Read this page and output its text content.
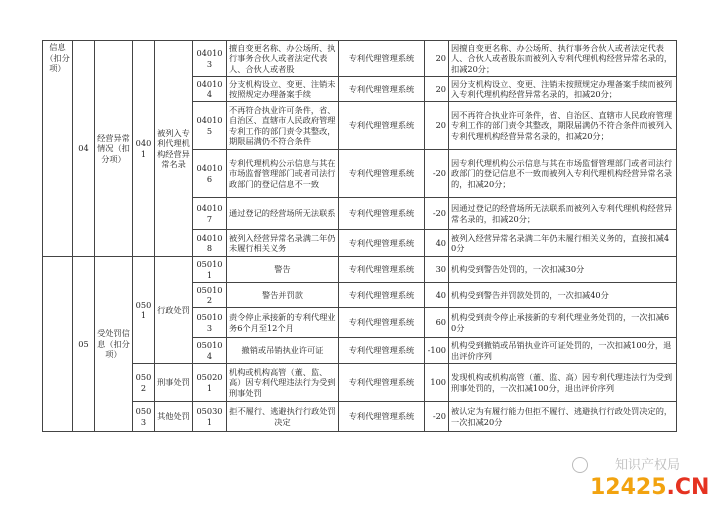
信息（扣分项）	04	经营异常情况（扣分项）	0401	被列入专利代理机构经营异常名录	040103	擅自变更名称、办公场所、执行事务合伙人或者法定代表人、合伙人或者股	专利代理管理系统	20	因擅自变更名称、办公场所、执行事务合伙人或者法定代表人、合伙人或者股东而被列入专利代理机构经营异常名录的，扣减20分；
					040104	分支机构设立、变更、注销未按照规定办理备案手续	专利代理管理系统	20	因分支机构设立、变更、注销未按照规定办理备案手续而被列入专利代理机构经营异常名录的，扣减20分；
					040105	不再符合执业许可条件，省、自治区、直辖市人民政府管理专利工作的部门责令其整改，期限届满仍不符合条件	专利代理管理系统	20	因不再符合执业许可条件，省、自治区、直辖市人民政府管理专利工作的部门责令其整改，期限届满仍不符合条件而被列入专利代理机构经营异常名录的，扣减20分；
					040106	专利代理机构公示信息与其在市场监督管理部门或者司法行政部门的登记信息不一致	专利代理管理系统	-20	因专利代理机构公示信息与其在市场监督管理部门或者司法行政部门的登记信息不一致而被列入专利代理机构经营异常名录的，扣减20分；
					040107	通过登记的经营场所无法联系	专利代理管理系统	-20	因通过登记的经营场所无法联系而被列入专利代理机构经营异常名录的，扣减20分；
					040108	被列入经营异常名录满二年仍未履行相关义务	专利代理管理系统	40	被列入经营异常名录满二年仍未履行相关义务的，直接扣减40分
	05	受处罚信息（扣分项）	0501	行政处罚	050101	警告	专利代理管理系统	30	机构受到警告处罚的，一次扣减30分
					050102	警告并罚款	专利代理管理系统	40	机构受到警告并罚款处罚的，一次扣减40分
					050103	责令停止承接新的专利代理业务6个月至12个月	专利代理管理系统	60	机构受到责令停止承接新的专利代理业务处罚的，一次扣减60分
					050104	撤销或吊销执业许可证	专利代理管理系统	-100	机构受到撤销或吊销执业许可证处罚的，一次扣减100分，退出评价序列
			0502	刑事处罚	050201	机构或机构高管（董、监、高）因专利代理违法行为受到刑事处罚	专利代理管理系统	100	发现机构或机构高管（董、监、高）因专利代理违法行为受到刑事处罚的，一次扣减100分，退出评价序列
			0503	其他处罚	050301	拒不履行、逃避执行行政处罚决定	专利代理管理系统	-20	被认定为有履行能力但拒不履行、逃避执行行政处罚决定的，一次扣减20分
知识产权局
12425.CN
